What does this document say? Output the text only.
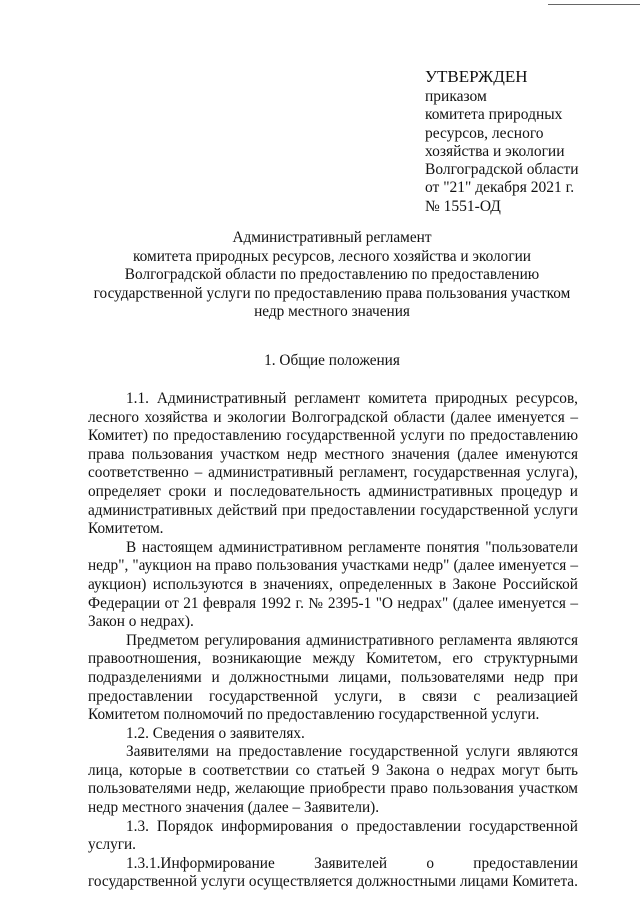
УТВЕРЖДЕН
приказом
комитета природных
ресурсов, лесного
хозяйства и экологии
Волгоградской области
от "21" декабря 2021 г.
№ 1551-ОД
Административный регламент
комитета природных ресурсов, лесного хозяйства и экологии Волгоградской области по предоставлению по предоставлению государственной услуги по предоставлению права пользования участком недр местного значения
1. Общие положения

1.1. Административный регламент комитета природных ресурсов, лесного хозяйства и экологии Волгоградской области (далее именуется – Комитет) по предоставлению государственной услуги по предоставлению права пользования участком недр местного значения (далее именуются соответственно – административный регламент, государственная услуга), определяет сроки и последовательность административных процедур и административных действий при предоставлении государственной услуги Комитетом.

В настоящем административном регламенте понятия "пользователи недр", "аукцион на право пользования участками недр" (далее именуется – аукцион) используются в значениях, определенных в Законе Российской Федерации от 21 февраля 1992 г. № 2395-1 "О недрах" (далее именуется – Закон о недрах).

Предметом регулирования административного регламента являются правоотношения, возникающие между Комитетом, его структурными подразделениями и должностными лицами, пользователями недр при предоставлении государственной услуги, в связи с реализацией Комитетом полномочий по предоставлению государственной услуги.

1.2. Сведения о заявителях.

Заявителями на предоставление государственной услуги являются лица, которые в соответствии со статьей 9 Закона о недрах могут быть пользователями недр, желающие приобрести право пользования участком недр местного значения (далее – Заявители).

1.3. Порядок информирования о предоставлении государственной услуги.

1.3.1.Информирование Заявителей о предоставлении государственной услуги осуществляется должностными лицами Комитета.
